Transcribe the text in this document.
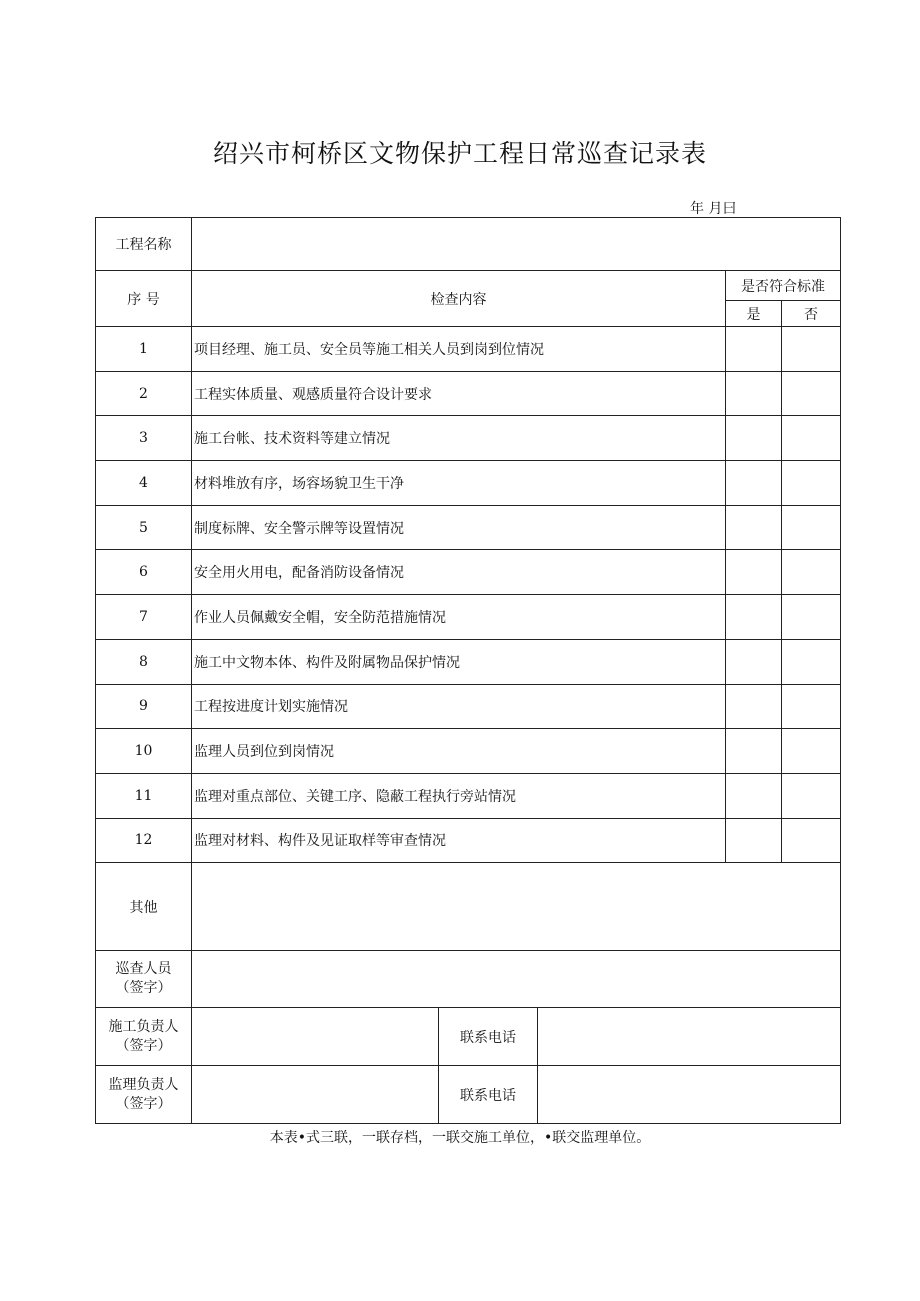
绍兴市柯桥区文物保护工程日常巡查记录表
年 月曰
工程名称					
序 号	检查内容			是否符合标准	
				是	否
1	项目经理、施工员、安全员等施工相关人员到岗到位情况				
2	工程实体质量、观感质量符合设计要求				
3	施工台帐、技术资料等建立情况				
4	材料堆放有序，场容场貌卫生干净				
5	制度标牌、安全警示牌等设置情况				
6	安全用火用电，配备消防设备情况				
7	作业人员佩戴安全帽，安全防范措施情况				
8	施工中文物本体、构件及附属物品保护情况				
9	工程按进度计划实施情况				
10	监理人员到位到岗情况				
11	监理对重点部位、关键工序、隐蔽工程执行旁站情况				
12	监理对材料、构件及见证取样等审查情况				
其他					

巡查人员
（签字）					

施工负责人
（签字）		联系电话			

监理负责人
（签字）		联系电话			
本表•式三联，一联存档，一联交施工单位，•联交监理单位。
